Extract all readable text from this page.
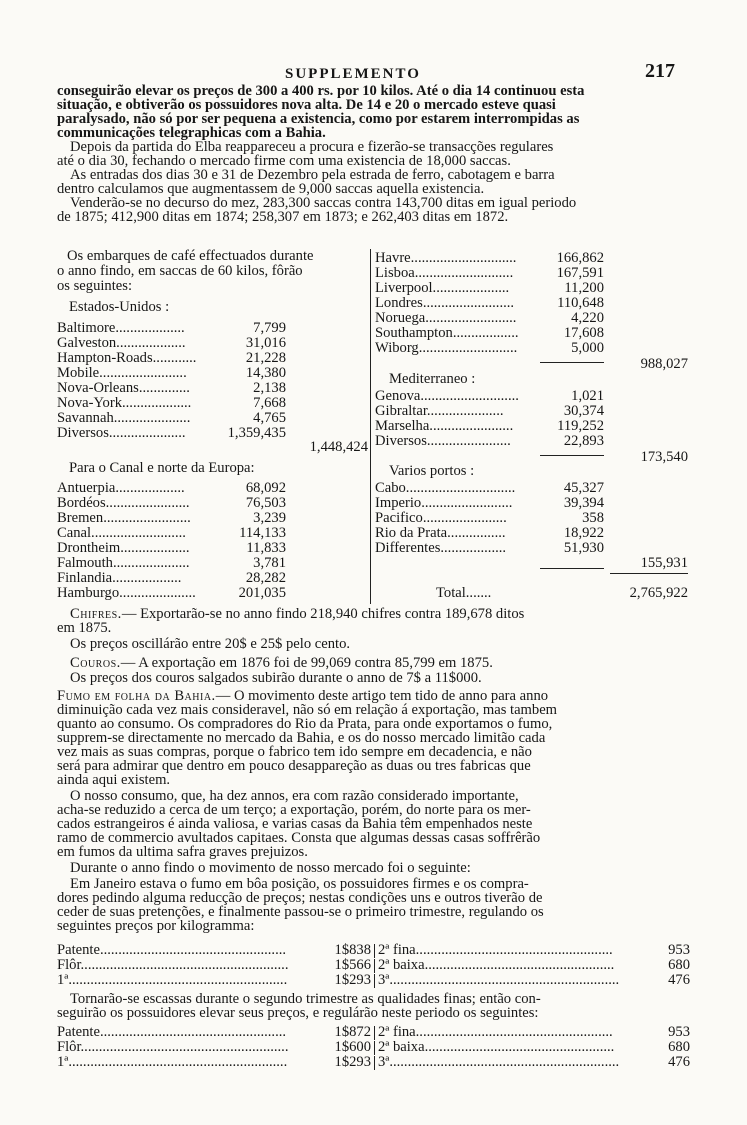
SUPPLEMENTO	217
conseguirão elevar os preços de 300 a 400 rs. por 10 kilos. Até o dia 14 continuou esta
situação, e obtiverão os possuidores nova alta. De 14 e 20 o mercado esteve quasi
paralysado, não só por ser pequena a existencia, como por estarem interrompidas as
communicações telegraphicas com a Bahia.
Depois da partida do Elba reappareceu a procura e fizerão-se transacções regulares
até o dia 30, fechando o mercado firme com uma existencia de 18,000 saccas.
As entradas dos dias 30 e 31 de Dezembro pela estrada de ferro, cabotagem e barra
dentro calculamos que augmentassem de 9,000 saccas aquella existencia.
Venderão-se no decurso do mez, 283,300 saccas contra 143,700 ditas em igual periodo
de 1875; 412,900 ditas em 1874; 258,307 em 1873; e 262,403 ditas em 1872.
Os embarques de café effectuados durante
o anno findo, em saccas de 60 kilos, fôrão
os seguintes:
Estados-Unidos :
Baltimore...................	7,799
Galveston...................	31,016
Hampton-Roads............	21,228
Mobile........................	14,380
Nova-Orleans..............	2,138
Nova-York...................	7,668
Savannah.....................	4,765
Diversos.....................	1,359,435
1,448,424
Para o Canal e norte da Europa:
Antuerpia...................	68,092
Bordéos.......................	76,503
Bremen........................	3,239
Canal..........................	114,133
Drontheim...................	11,833
Falmouth.....................	3,781
Finlandia...................	28,282
Hamburgo.....................	201,035
Havre.............................	166,862
Lisboa...........................	167,591
Liverpool.....................	11,200
Londres.........................	110,648
Noruega.........................	4,220
Southampton..................	17,608
Wiborg...........................	5,000
988,027
Mediterraneo :
Genova...........................	1,021
Gibraltar.....................	30,374
Marselha.......................	119,252
Diversos.......................	22,893
173,540
Varios portos :
Cabo..............................	45,327
Imperio.........................	39,394
Pacifico.......................	358
Rio da Prata................	18,922
Differentes..................	51,930
155,931
Total.......	2,765,922
Chifres.— Exportarão-se no anno findo 218,940 chifres contra 189,678 ditos
em 1875.
Os preços oscillárão entre 20$ e 25$ pelo cento.
Couros.— A exportação em 1876 foi de 99,069 contra 85,799 em 1875.
Os preços dos couros salgados subirão durante o anno de 7$ a 11$000.
Fumo em folha da Bahia.— O movimento deste artigo tem tido de anno para anno
diminuição cada vez mais consideravel, não só em relação á exportação, mas tambem
quanto ao consumo. Os compradores do Rio da Prata, para onde exportamos o fumo,
supprem-se directamente no mercado da Bahia, e os do nosso mercado limitão cada
vez mais as suas compras, porque o fabrico tem ido sempre em decadencia, e não
será para admirar que dentro em pouco desappareção as duas ou tres fabricas que
ainda aqui existem.
O nosso consumo, que, ha dez annos, era com razão considerado importante,
acha-se reduzido a cerca de um terço; a exportação, porém, do norte para os mer-
cados estrangeiros é ainda valiosa, e varias casas da Bahia têm empenhados neste
ramo de commercio avultados capitaes. Consta que algumas dessas casas soffrêrão
em fumos da ultima safra graves prejuizos.
Durante o anno findo o movimento de nosso mercado foi o seguinte:
Em Janeiro estava o fumo em bôa posição, os possuidores firmes e os compra-
dores pedindo alguma reducção de preços; nestas condições uns e outros tiverão de
ceder de suas pretenções, e finalmente passou-se o primeiro trimestre, regulando os
seguintes preços por kilogramma:
Patente...................................................	1$838 2ª fina......................................................	953
Flôr.........................................................	1$566 2ª baixa....................................................	680
1ª............................................................	1$293 3ª...............................................................	476
Tornarão-se escassas durante o segundo trimestre as qualidades finas; então con-
seguirão os possuidores elevar seus preços, e regulárão neste periodo os seguintes:
Patente...................................................	1$872 2ª fina......................................................	953
Flôr.........................................................	1$600 2ª baixa....................................................	680
1ª............................................................	1$293 3ª...............................................................	476
